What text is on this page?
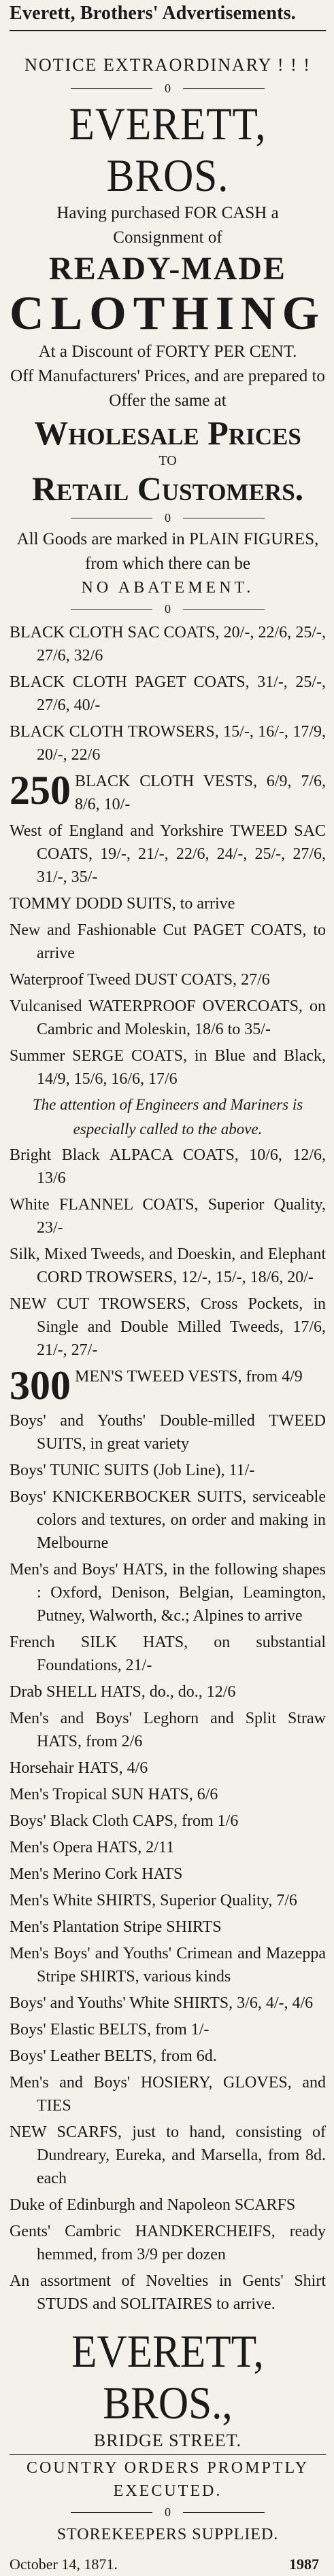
Everett, Brothers' Advertisements.
NOTICE EXTRAORDINARY ! ! !
0
EVERETT, BROS.
Having purchased FOR CASH a Consignment of
READY-MADE
CLOTHING
At a Discount of FORTY PER CENT.
Off Manufacturers' Prices, and are prepared to
Offer the same at
Wholesale Prices
TO
Retail Customers.
0
All Goods are marked in PLAIN FIGURES,
from which there can be
NO ABATEMENT.
0
BLACK CLOTH SAC COATS, 20/-, 22/6, 25/-, 27/6, 32/6
BLACK CLOTH PAGET COATS, 31/-, 25/-, 27/6, 40/-
BLACK CLOTH TROWSERS, 15/-, 16/-, 17/9, 20/-, 22/6
250 BLACK CLOTH VESTS, 6/9, 7/6, 8/6, 10/-
West of England and Yorkshire TWEED SAC COATS, 19/-, 21/-, 22/6, 24/-, 25/-, 27/6, 31/-, 35/-
TOMMY DODD SUITS, to arrive
New and Fashionable Cut PAGET COATS, to arrive
Waterproof Tweed DUST COATS, 27/6
Vulcanised WATERPROOF OVERCOATS, on Cambric and Moleskin, 18/6 to 35/-
Summer SERGE COATS, in Blue and Black, 14/9, 15/6, 16/6, 17/6
The attention of Engineers and Mariners is
especially called to the above.
Bright Black ALPACA COATS, 10/6, 12/6, 13/6
White FLANNEL COATS, Superior Quality, 23/-
Silk, Mixed Tweeds, and Doeskin, and Elephant CORD TROWSERS, 12/-, 15/-, 18/6, 20/-
NEW CUT TROWSERS, Cross Pockets, in Single and Double Milled Tweeds, 17/6, 21/-, 27/-
300 MEN'S TWEED VESTS, from 4/9
Boys' and Youths' Double-milled TWEED SUITS, in great variety
Boys' TUNIC SUITS (Job Line), 11/-
Boys' KNICKERBOCKER SUITS, serviceable colors and textures, on order and making in Melbourne
Men's and Boys' HATS, in the following shapes : Oxford, Denison, Belgian, Leamington, Putney, Walworth, &c.; Alpines to arrive
French SILK HATS, on substantial Foundations, 21/-
Drab SHELL HATS, do., do., 12/6
Men's and Boys' Leghorn and Split Straw HATS, from 2/6
Horsehair HATS, 4/6
Men's Tropical SUN HATS, 6/6
Boys' Black Cloth CAPS, from 1/6
Men's Opera HATS, 2/11
Men's Merino Cork HATS
Men's White SHIRTS, Superior Quality, 7/6
Men's Plantation Stripe SHIRTS
Men's Boys' and Youths' Crimean and Mazeppa Stripe SHIRTS, various kinds
Boys' and Youths' White SHIRTS, 3/6, 4/-, 4/6
Boys' Elastic BELTS, from 1/-
Boys' Leather BELTS, from 6d.
Men's and Boys' HOSIERY, GLOVES, and TIES
NEW SCARFS, just to hand, consisting of Dundreary, Eureka, and Marsella, from 8d. each
Duke of Edinburgh and Napoleon SCARFS
Gents' Cambric HANDKERCHEIFS, ready hemmed, from 3/9 per dozen
An assortment of Novelties in Gents' Shirt STUDS and SOLITAIRES to arrive.
EVERETT, BROS.,
BRIDGE STREET.
COUNTRY ORDERS PROMPTLY EXECUTED.
0
STOREKEEPERS SUPPLIED.
October 14, 1871.	1987
